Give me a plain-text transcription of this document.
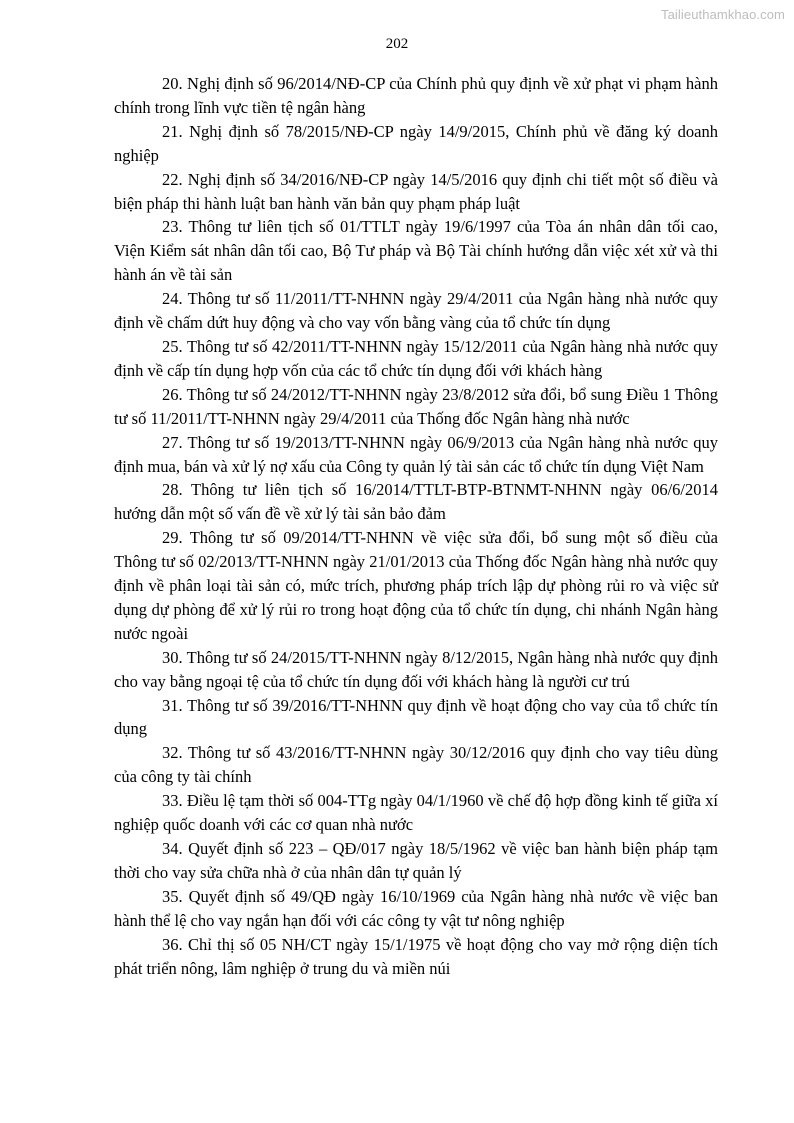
Tailieuthamkhao.com
202

20. Nghị định số 96/2014/NĐ-CP của Chính phủ quy định về xử phạt vi phạm hành chính trong lĩnh vực tiền tệ ngân hàng

21. Nghị định số 78/2015/NĐ-CP ngày 14/9/2015, Chính phủ về đăng ký doanh nghiệp

22. Nghị định số 34/2016/NĐ-CP ngày 14/5/2016 quy định chi tiết một số điều và biện pháp thi hành luật ban hành văn bản quy phạm pháp luật

23. Thông tư liên tịch số 01/TTLT ngày 19/6/1997 của Tòa án nhân dân tối cao, Viện Kiểm sát nhân dân tối cao, Bộ Tư pháp và Bộ Tài chính hướng dẫn việc xét xử và thi hành án về tài sản

24. Thông tư số 11/2011/TT-NHNN ngày 29/4/2011 của Ngân hàng nhà nước quy định về chấm dứt huy động và cho vay vốn bằng vàng của tổ chức tín dụng

25. Thông tư số 42/2011/TT-NHNN ngày 15/12/2011 của Ngân hàng nhà nước quy định về cấp tín dụng hợp vốn của các tổ chức tín dụng đối với khách hàng

26. Thông tư số 24/2012/TT-NHNN ngày 23/8/2012 sửa đổi, bổ sung Điều 1 Thông tư số 11/2011/TT-NHNN ngày 29/4/2011 của Thống đốc Ngân hàng nhà nước

27. Thông tư số 19/2013/TT-NHNN ngày 06/9/2013 của Ngân hàng nhà nước quy định mua, bán và xử lý nợ xấu của Công ty quản lý tài sản các tổ chức tín dụng Việt Nam

28. Thông tư liên tịch số 16/2014/TTLT-BTP-BTNMT-NHNN ngày 06/6/2014 hướng dẫn một số vấn đề về xử lý tài sản bảo đảm

29. Thông tư số 09/2014/TT-NHNN về việc sửa đổi, bổ sung một số điều của Thông tư số 02/2013/TT-NHNN ngày 21/01/2013 của Thống đốc Ngân hàng nhà nước quy định về phân loại tài sản có, mức trích, phương pháp trích lập dự phòng rủi ro và việc sử dụng dự phòng để xử lý rủi ro trong hoạt động của tổ chức tín dụng, chi nhánh Ngân hàng nước ngoài

30. Thông tư số 24/2015/TT-NHNN ngày 8/12/2015, Ngân hàng nhà nước quy định cho vay bằng ngoại tệ của tổ chức tín dụng đối với khách hàng là người cư trú

31. Thông tư số 39/2016/TT-NHNN quy định về hoạt động cho vay của tổ chức tín dụng

32. Thông tư số 43/2016/TT-NHNN ngày 30/12/2016 quy định cho vay tiêu dùng của công ty tài chính

33. Điều lệ tạm thời số 004-TTg ngày 04/1/1960 về chế độ hợp đồng kinh tế giữa xí nghiệp quốc doanh với các cơ quan nhà nước

34. Quyết định số 223 – QĐ/017 ngày 18/5/1962 về việc ban hành biện pháp tạm thời cho vay sửa chữa nhà ở của nhân dân tự quản lý

35. Quyết định số 49/QĐ ngày 16/10/1969 của Ngân hàng nhà nước về việc ban hành thể lệ cho vay ngắn hạn đối với các công ty vật tư nông nghiệp

36. Chỉ thị số 05 NH/CT ngày 15/1/1975 về hoạt động cho vay mở rộng diện tích phát triển nông, lâm nghiệp ở trung du và miền núi
